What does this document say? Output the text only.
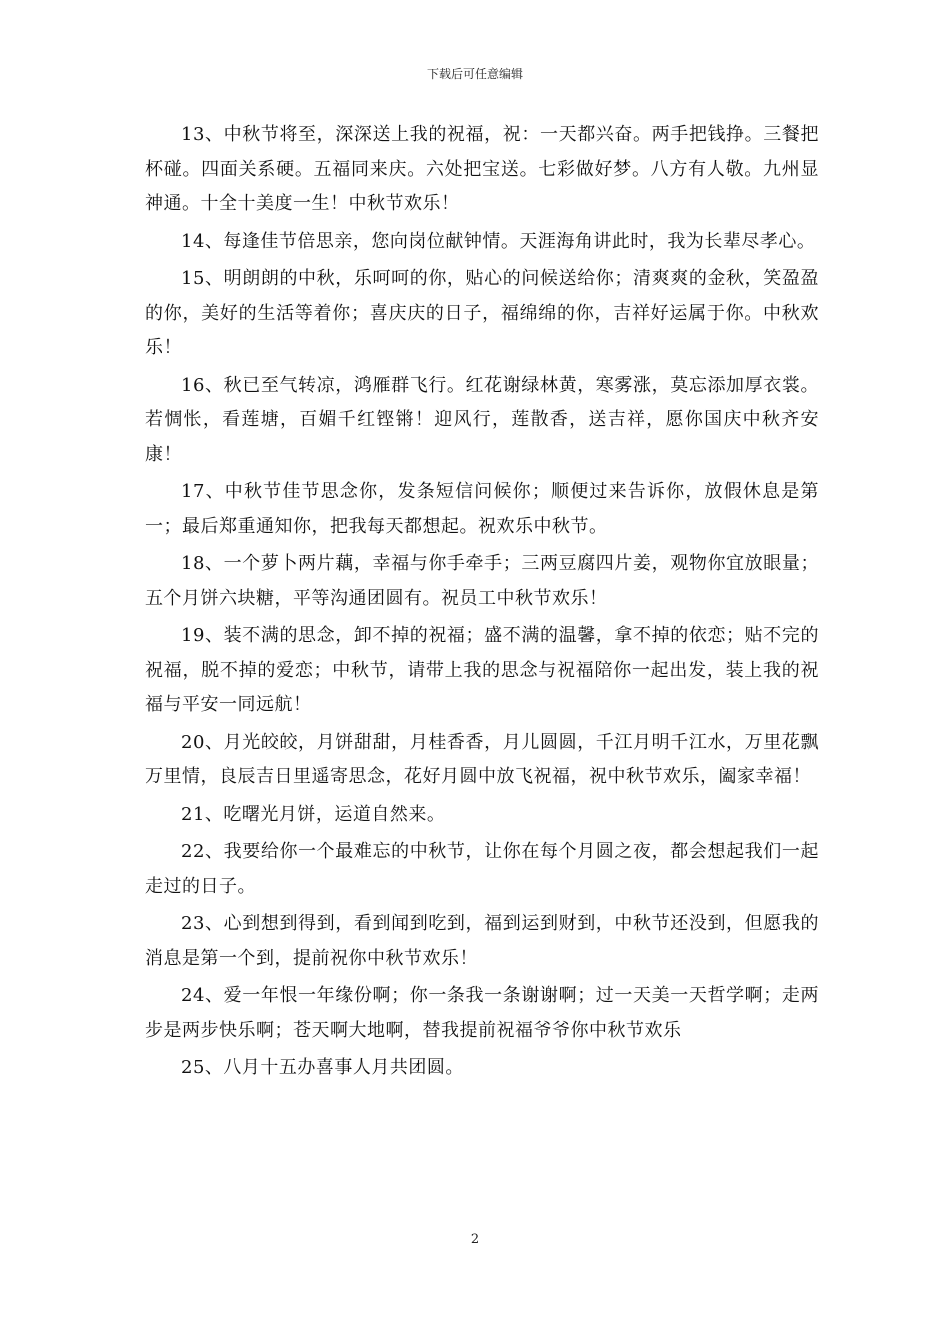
下载后可任意编辑

13、中秋节将至，深深送上我的祝福，祝：一天都兴奋。两手把钱挣。三餐把杯碰。四面关系硬。五福同来庆。六处把宝送。七彩做好梦。八方有人敬。九州显神通。十全十美度一生！中秋节欢乐！

14、每逢佳节倍思亲，您向岗位献钟情。天涯海角讲此时，我为长辈尽孝心。

15、明朗朗的中秋，乐呵呵的你，贴心的问候送给你；清爽爽的金秋，笑盈盈的你，美好的生活等着你；喜庆庆的日子，福绵绵的你，吉祥好运属于你。中秋欢乐！

16、秋已至气转凉，鸿雁群飞行。红花谢绿林黄，寒雾涨，莫忘添加厚衣裳。若惆怅，看莲塘，百媚千红铿锵！迎风行，莲散香，送吉祥，愿你国庆中秋齐安康！

17、中秋节佳节思念你，发条短信问候你；顺便过来告诉你，放假休息是第一；最后郑重通知你，把我每天都想起。祝欢乐中秋节。

18、一个萝卜两片藕，幸福与你手牵手；三两豆腐四片姜，观物你宜放眼量；五个月饼六块糖，平等沟通团圆有。祝员工中秋节欢乐！

19、装不满的思念，卸不掉的祝福；盛不满的温馨，拿不掉的依恋；贴不完的祝福，脱不掉的爱恋；中秋节，请带上我的思念与祝福陪你一起出发，装上我的祝福与平安一同远航！

20、月光皎皎，月饼甜甜，月桂香香，月儿圆圆，千江月明千江水，万里花飘万里情，良辰吉日里遥寄思念，花好月圆中放飞祝福，祝中秋节欢乐，阖家幸福！

21、吃曙光月饼，运道自然来。

22、我要给你一个最难忘的中秋节，让你在每个月圆之夜，都会想起我们一起走过的日子。

23、心到想到得到，看到闻到吃到，福到运到财到，中秋节还没到，但愿我的消息是第一个到，提前祝你中秋节欢乐！

24、爱一年恨一年缘份啊；你一条我一条谢谢啊；过一天美一天哲学啊；走两步是两步快乐啊；苍天啊大地啊，替我提前祝福爷爷你中秋节欢乐

25、八月十五办喜事人月共团圆。

2
